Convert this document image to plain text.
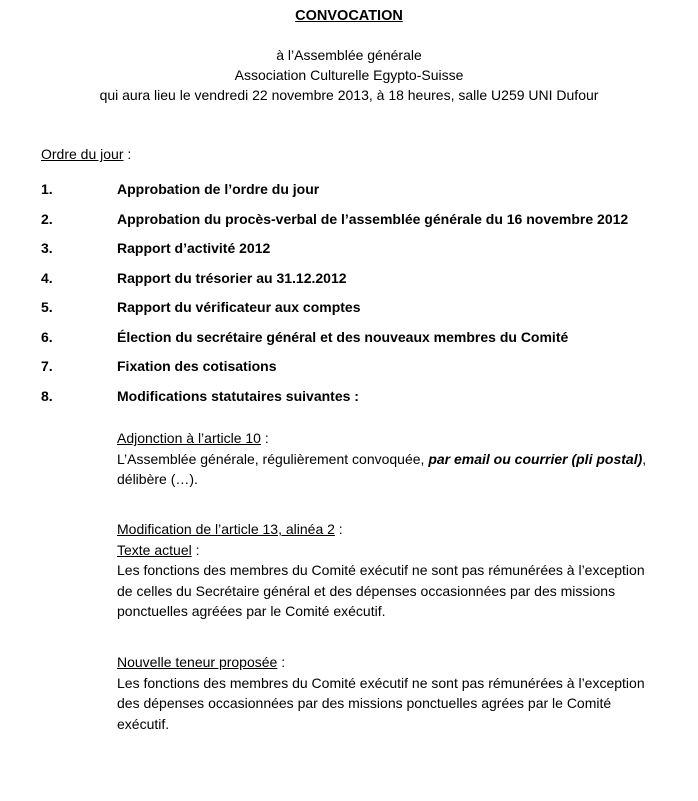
CONVOCATION
à l’Assemblée générale
Association Culturelle Egypto-Suisse
qui aura lieu le vendredi 22 novembre 2013, à 18 heures, salle U259 UNI Dufour
Ordre du jour :
1.	Approbation de l’ordre du jour
2.	Approbation du procès-verbal de l’assemblée générale du 16 novembre 2012
3.	Rapport d’activité 2012
4.	Rapport du trésorier au 31.12.2012
5.	Rapport du vérificateur aux comptes
6.	Élection du secrétaire général et des nouveaux membres du Comité
7.	Fixation des cotisations
8.	Modifications statutaires suivantes :
Adjonction à l’article 10 :
L’Assemblée générale, régulièrement convoquée, par email ou courrier (pli postal), délibère (…).
Modification de l’article 13, alinéa 2 :
Texte actuel :
Les fonctions des membres du Comité exécutif ne sont pas rémunérées à l’exception de celles du Secrétaire général et des dépenses occasionnées par des missions ponctuelles agréées par le Comité exécutif.
Nouvelle teneur proposée :
Les fonctions des membres du Comité exécutif ne sont pas rémunérées à l’exception des dépenses occasionnées par des missions ponctuelles agrées par le Comité exécutif.
